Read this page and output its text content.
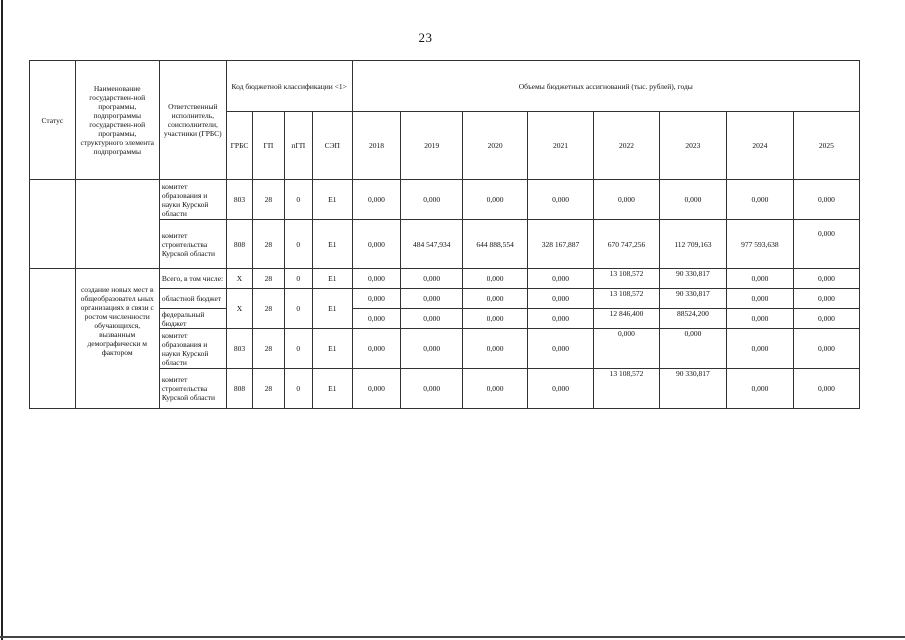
23
Статус	Наименование государствен-ной программы, подпрограммы государствен-ной программы, структурного элемента подпрограммы	Ответственный исполнитель, соисполнители, участники (ГРБС)	Код бюджетной классификации <1>				Объемы бюджетных ассигнований (тыс. рублей), годы							
			ГРБС	ГП	пГП	СЭП	2018	2019	2020	2021	2022	2023	2024	2025
		комитет образования и науки Курской области	803	28	0	Е1	0,000	0,000	0,000	0,000	0,000	0,000	0,000	0,000
		комитет строительства Курской области	808	28	0	Е1	0,000	484 547,934	644 888,554	328 167,887	670 747,256	112 709,163	977 593,638	0,000
	создание новых мест в общеобразовател ьных организациях в связи с ростом численности обучающихся, вызванным демографически м фактором	Всего, в том числе:	Х	28	0	Е1	0,000	0,000	0,000	0,000	13 108,572	90 330,817	0,000	0,000
		областной бюджет	Х	28	0	Е1	0,000	0,000	0,000	0,000	13 108,572	90 330,817	0,000	0,000
		федеральный бюджет					0,000	0,000	0,000	0,000	12 846,400	88524,200	0,000	0,000
		комитет образования и науки Курской области	803	28	0	Е1	0,000	0,000	0,000	0,000	0,000	0,000	0,000	0,000
		комитет строительства Курской области	808	28	0	Е1	0,000	0,000	0,000	0,000	13 108,572	90 330,817	0,000	0,000
